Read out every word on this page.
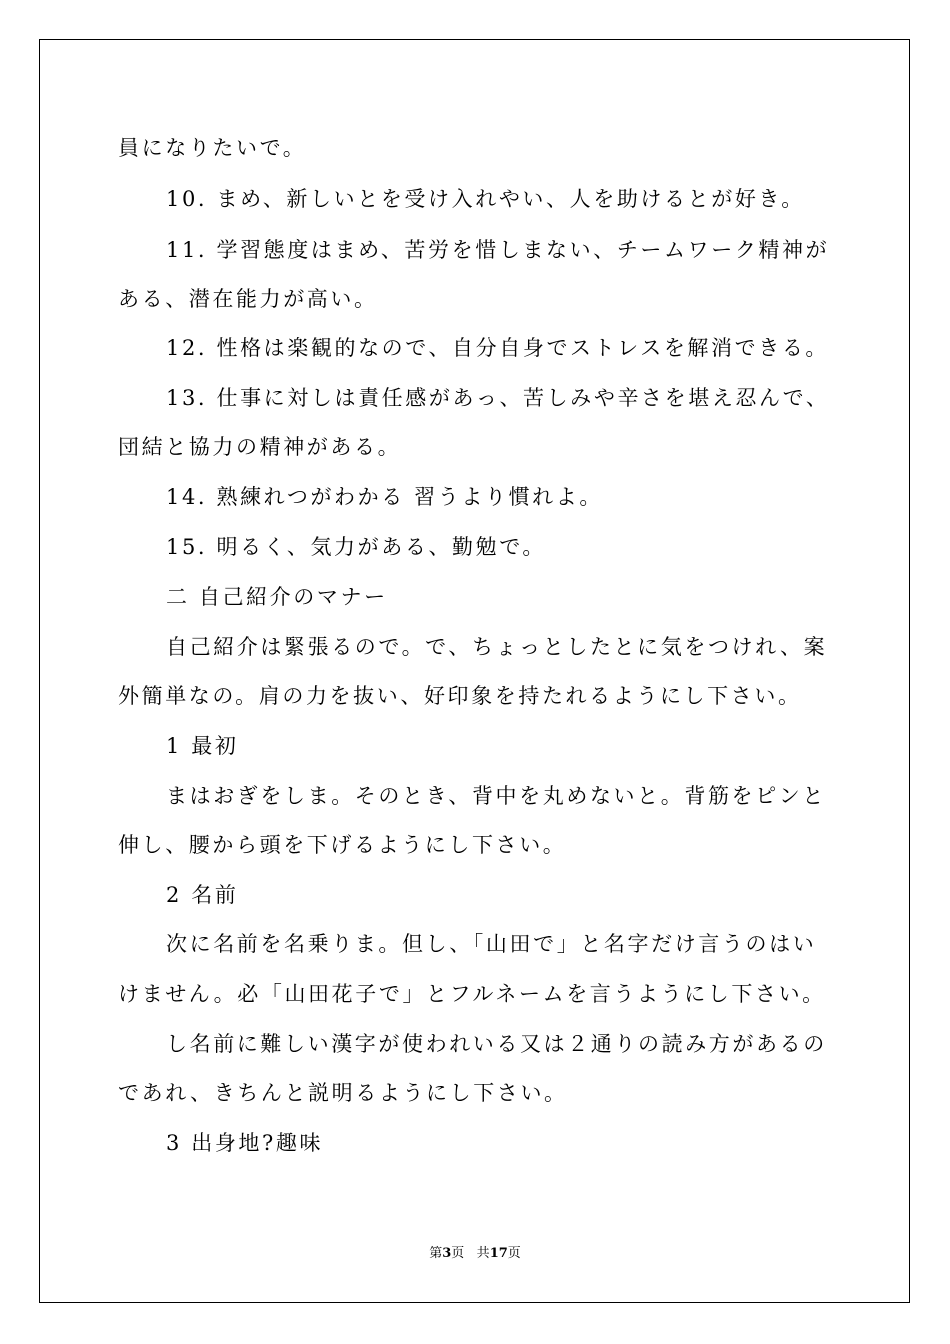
員になりたいで。
10. まめ、新しいとを受け入れやい、人を助けるとが好き。
11. 学習態度はまめ、苦労を惜しまない、チームワーク精神が
ある、潜在能力が高い。
12. 性格は楽観的なので、自分自身でストレスを解消できる。
13. 仕事に対しは責任感があっ、苦しみや辛さを堪え忍んで、
団結と協力の精神がある。
14. 熟練れつがわかる 習うより慣れよ。
15. 明るく、気力がある、勤勉で。
二 自己紹介のマナー
自己紹介は緊張るので。で、ちょっとしたとに気をつけれ、案
外簡単なの。肩の力を抜い、好印象を持たれるようにし下さい。
1 最初
まはおぎをしま。そのとき、背中を丸めないと。背筋をピンと
伸し、腰から頭を下げるようにし下さい。
2 名前
次に名前を名乗りま。但し、「山田で」と名字だけ言うのはい
けません。必「山田花子で」とフルネームを言うようにし下さい。
し名前に難しい漢字が使われいる又は２通りの読み方があるの
であれ、きちんと説明るようにし下さい。
3 出身地?趣味
第3页 共17页
